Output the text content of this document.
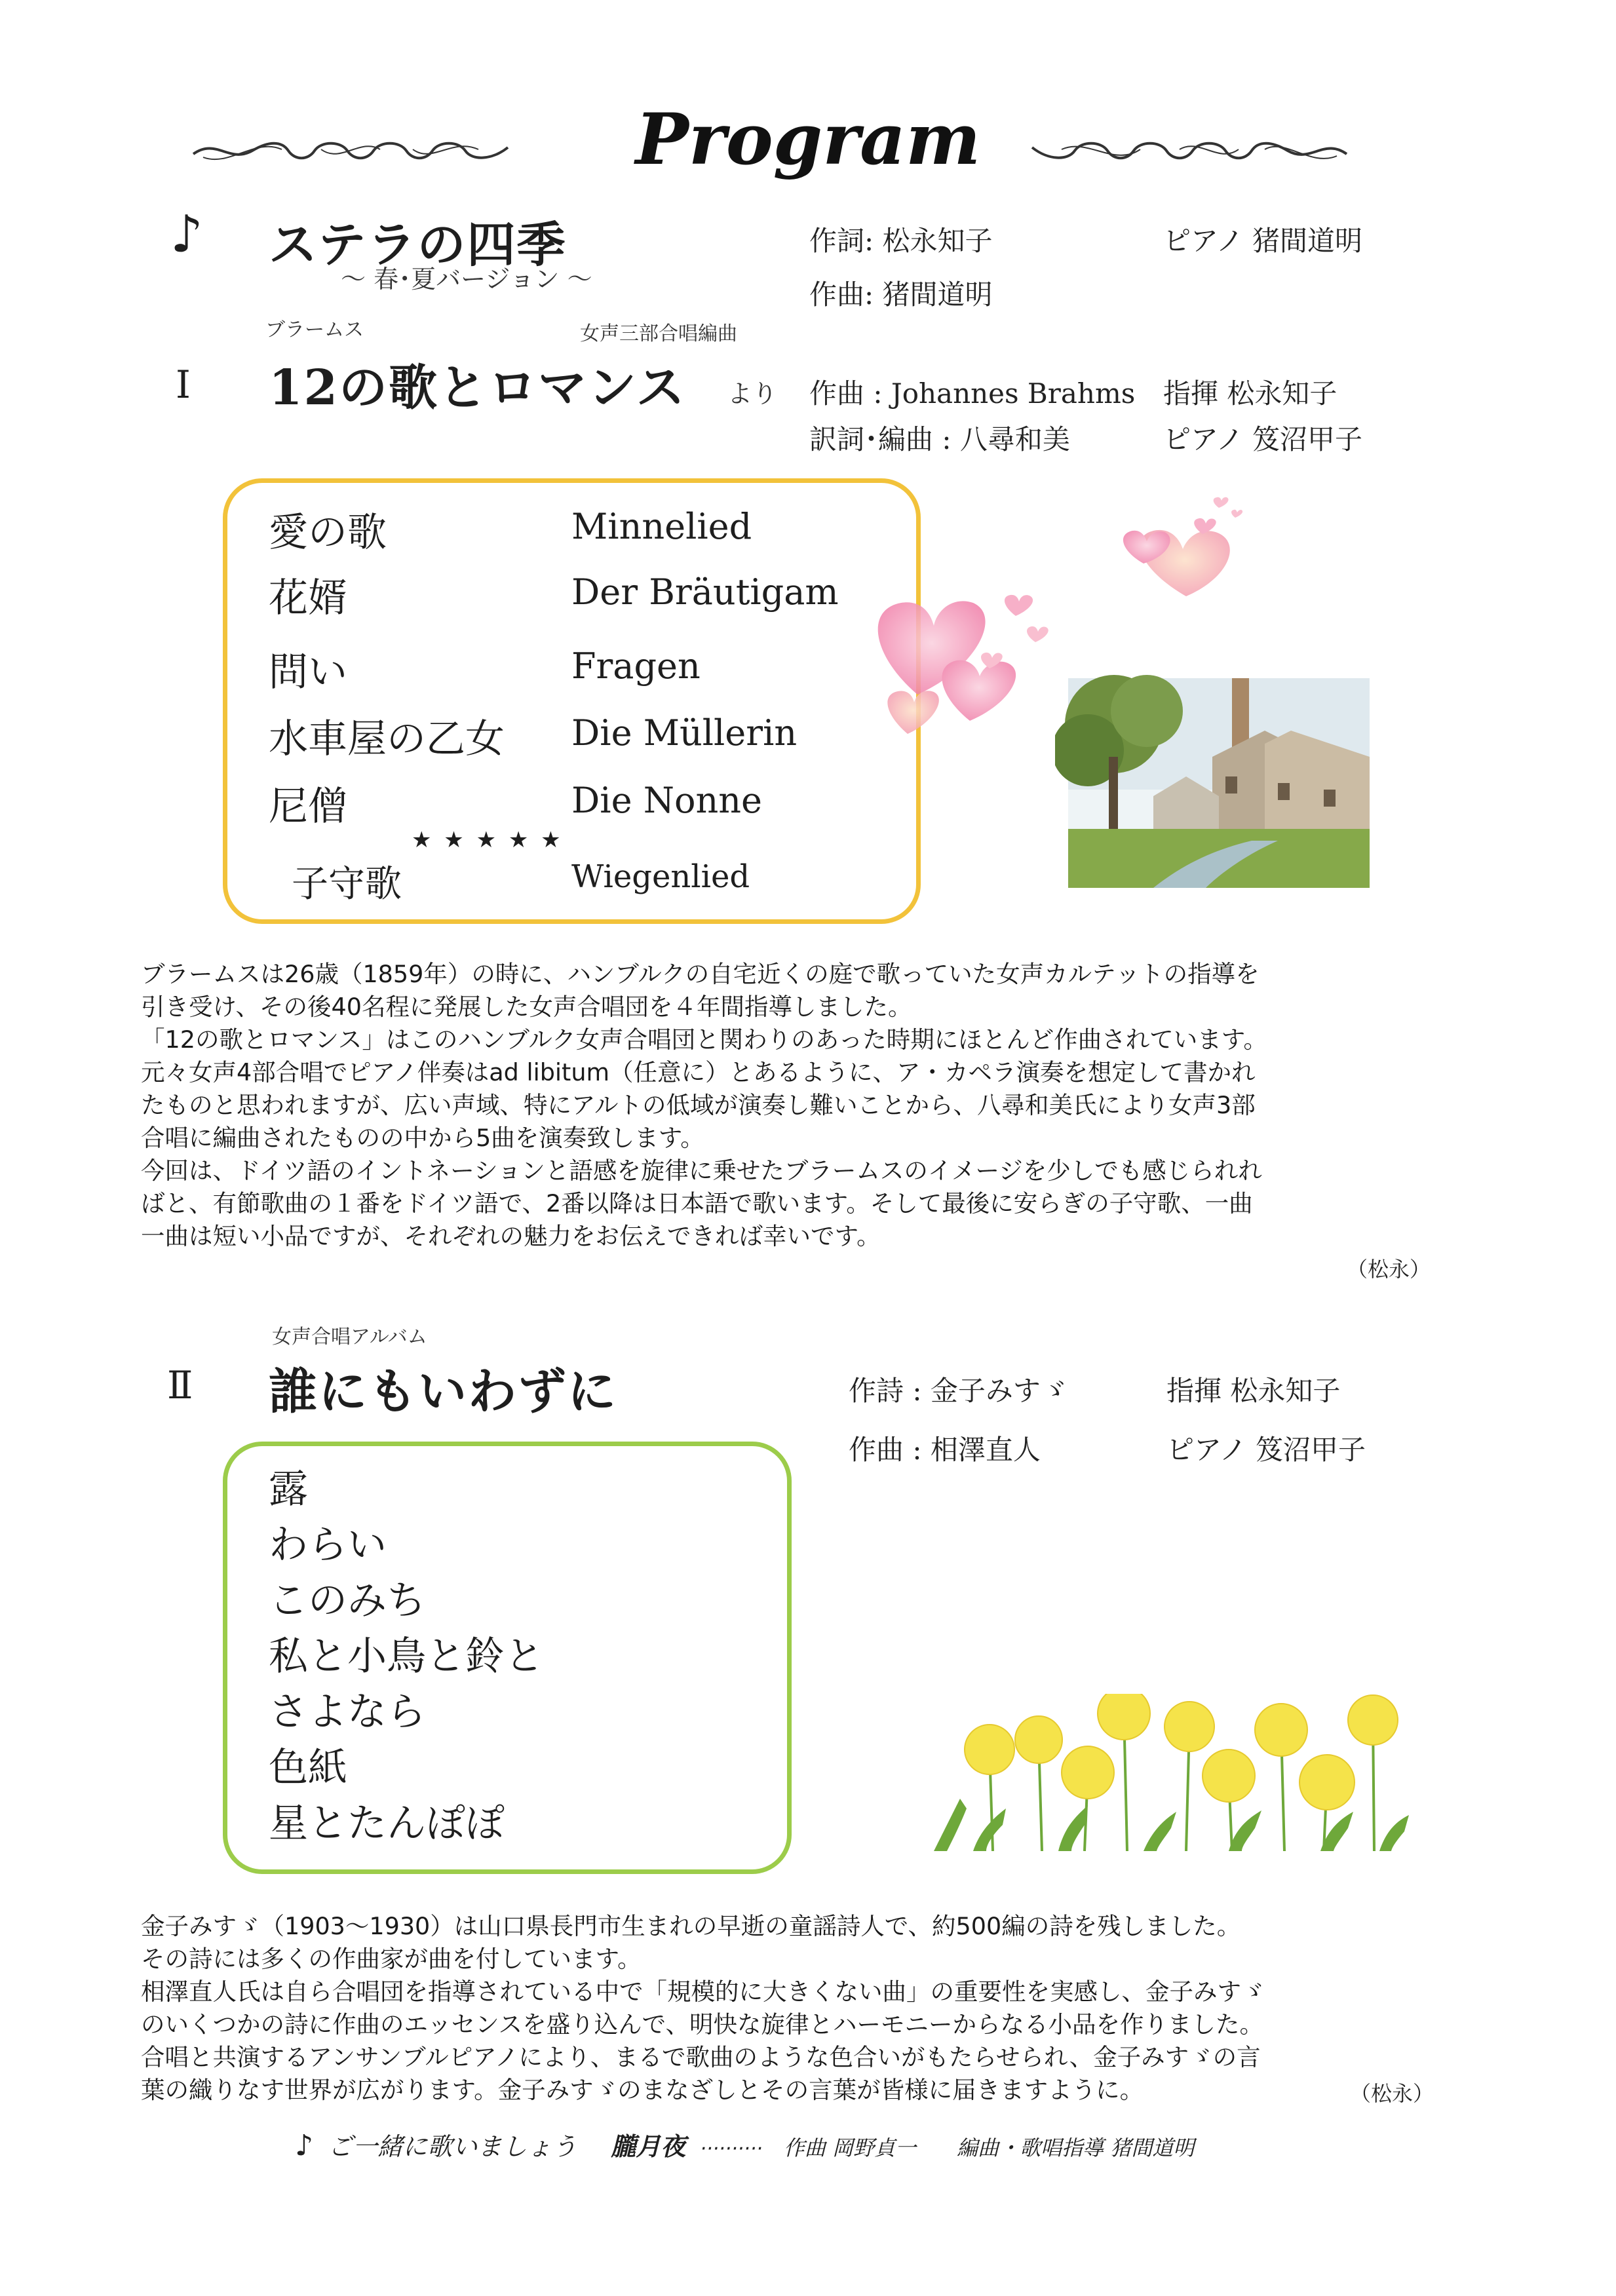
Program
♪ ステラの四季
～ 春･夏バージョン ～
作詞: 松永知子
作曲: 猪間道明
ピアノ 猪間道明
ブラームス	女声三部合唱編曲
Ⅰ 12の歌とロマンス より 作曲 : Johannes Brahms
訳詞･編曲 : 八尋和美
指揮 松永知子
ピアノ 笈沼甲子
愛の歌	Minnelied
花婿	Der Bräutigam
問い	Fragen
水車屋の乙女 Die Müllerin
尼僧	Die Nonne
★ ★ ★ ★ ★
子守歌	Wiegenlied

ブラームスは26歳（1859年）の時に、ハンブルクの自宅近くの庭で歌っていた女声カルテットの指導を

引き受け、その後40名程に発展した女声合唱団を４年間指導しました。

「12の歌とロマンス」はこのハンブルク女声合唱団と関わりのあった時期にほとんど作曲されています。

元々女声4部合唱でピアノ伴奏はad libitum（任意に）とあるように、ア・カペラ演奏を想定して書かれ

たものと思われますが、広い声域、特にアルトの低域が演奏し難いことから、八尋和美氏により女声3部

合唱に編曲されたものの中から5曲を演奏致します。

今回は、ドイツ語のイントネーションと語感を旋律に乗せたブラームスのイメージを少しでも感じられれ

ばと、有節歌曲の１番をドイツ語で、2番以降は日本語で歌います。そして最後に安らぎの子守歌、一曲

一曲は短い小品ですが、それぞれの魅力をお伝えできれば幸いです。

（松永）
女声合唱アルバム
Ⅱ 誰にもいわずに	作詩 : 金子みすゞ
作曲 : 相澤直人
指揮 松永知子
ピアノ 笈沼甲子
露
わらい
このみち
私と小鳥と鈴と
さよなら
色紙
星とたんぽぽ

金子みすゞ（1903～1930）は山口県長門市生まれの早逝の童謡詩人で、約500編の詩を残しました。

その詩には多くの作曲家が曲を付しています。

相澤直人氏は自ら合唱団を指導されている中で「規模的に大きくない曲」の重要性を実感し、金子みすゞ

のいくつかの詩に作曲のエッセンスを盛り込んで、明快な旋律とハーモニーからなる小品を作りました。

合唱と共演するアンサンブルピアノにより、まるで歌曲のような色合いがもたらせられ、金子みすゞの言

葉の織りなす世界が広がります。金子みすゞのまなざしとその言葉が皆様に届きますように。	（松永）
♪ ご一緒に歌いましょう 朧月夜 ·········· 作曲 岡野貞一 編曲・歌唱指導 猪間道明
